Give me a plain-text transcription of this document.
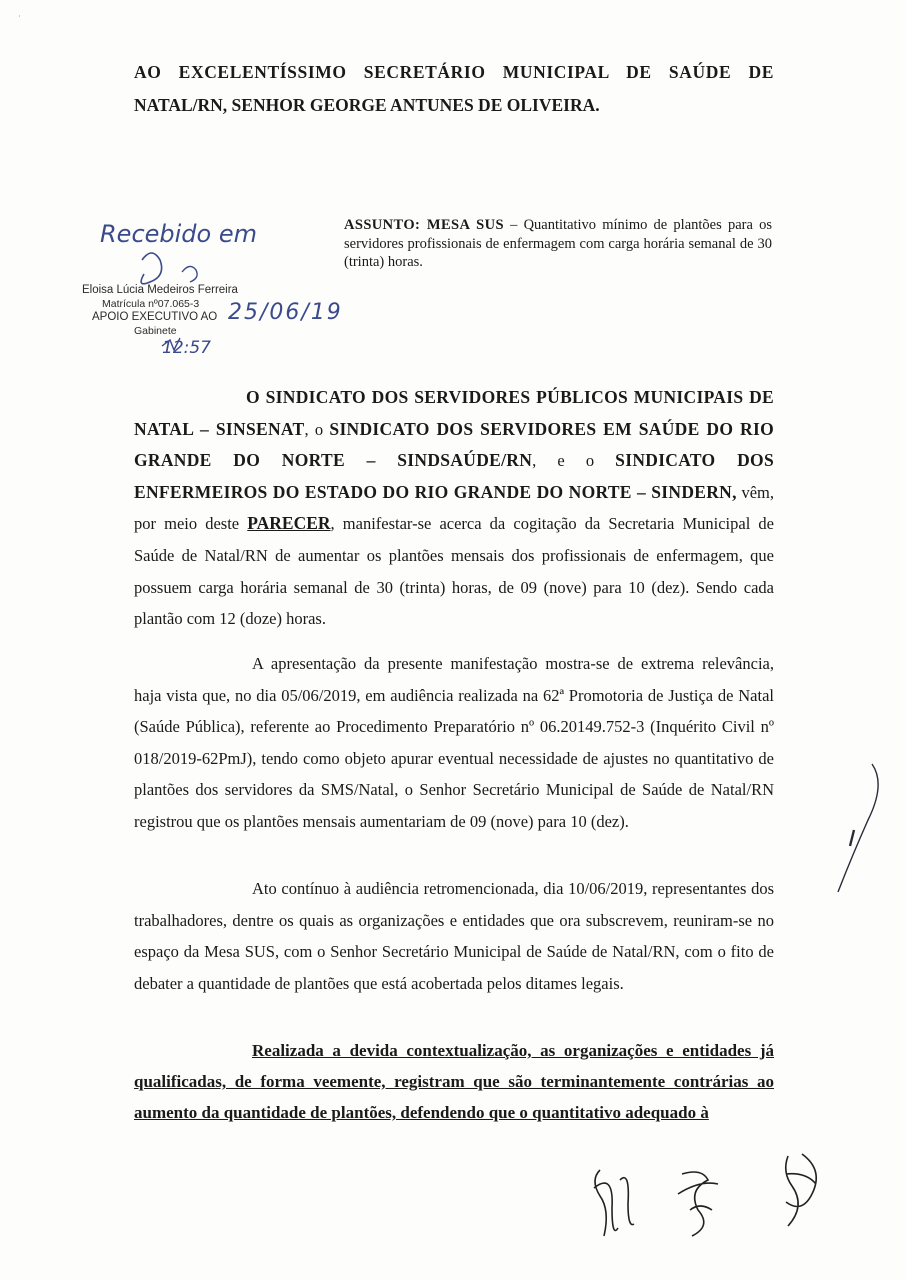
·
AO EXCELENTÍSSIMO SECRETÁRIO MUNICIPAL DE SAÚDE DE
NATAL/RN, SENHOR GEORGE ANTUNES DE OLIVEIRA.
Recebido em
Eloisa Lúcia Medeiros Ferreira
Matrícula nº07.065-3
APOIO EXECUTIVO AO
Gabinete
25/06/19
12:57
ASSUNTO: MESA SUS – Quantitativo mínimo de plantões para os servidores profissionais de enfermagem com carga horária semanal de 30 (trinta) horas.
O SINDICATO DOS SERVIDORES PÚBLICOS MUNICIPAIS DE NATAL – SINSENAT, o SINDICATO DOS SERVIDORES EM SAÚDE DO RIO GRANDE DO NORTE – SINDSAÚDE/RN, e o SINDICATO DOS ENFERMEIROS DO ESTADO DO RIO GRANDE DO NORTE – SINDERN, vêm, por meio deste PARECER, manifestar-se acerca da cogitação da Secretaria Municipal de Saúde de Natal/RN de aumentar os plantões mensais dos profissionais de enfermagem, que possuem carga horária semanal de 30 (trinta) horas, de 09 (nove) para 10 (dez). Sendo cada plantão com 12 (doze) horas.
A apresentação da presente manifestação mostra-se de extrema relevância, haja vista que, no dia 05/06/2019, em audiência realizada na 62ª Promotoria de Justiça de Natal (Saúde Pública), referente ao Procedimento Preparatório nº 06.20149.752-3 (Inquérito Civil nº 018/2019-62PmJ), tendo como objeto apurar eventual necessidade de ajustes no quantitativo de plantões dos servidores da SMS/Natal, o Senhor Secretário Municipal de Saúde de Natal/RN registrou que os plantões mensais aumentariam de 09 (nove) para 10 (dez).
Ato contínuo à audiência retromencionada, dia 10/06/2019, representantes dos trabalhadores, dentre os quais as organizações e entidades que ora subscrevem, reuniram-se no espaço da Mesa SUS, com o Senhor Secretário Municipal de Saúde de Natal/RN, com o fito de debater a quantidade de plantões que está acobertada pelos ditames legais.
Realizada a devida contextualização, as organizações e entidades já qualificadas, de forma veemente, registram que são terminantemente contrárias ao aumento da quantidade de plantões, defendendo que o quantitativo adequado à
